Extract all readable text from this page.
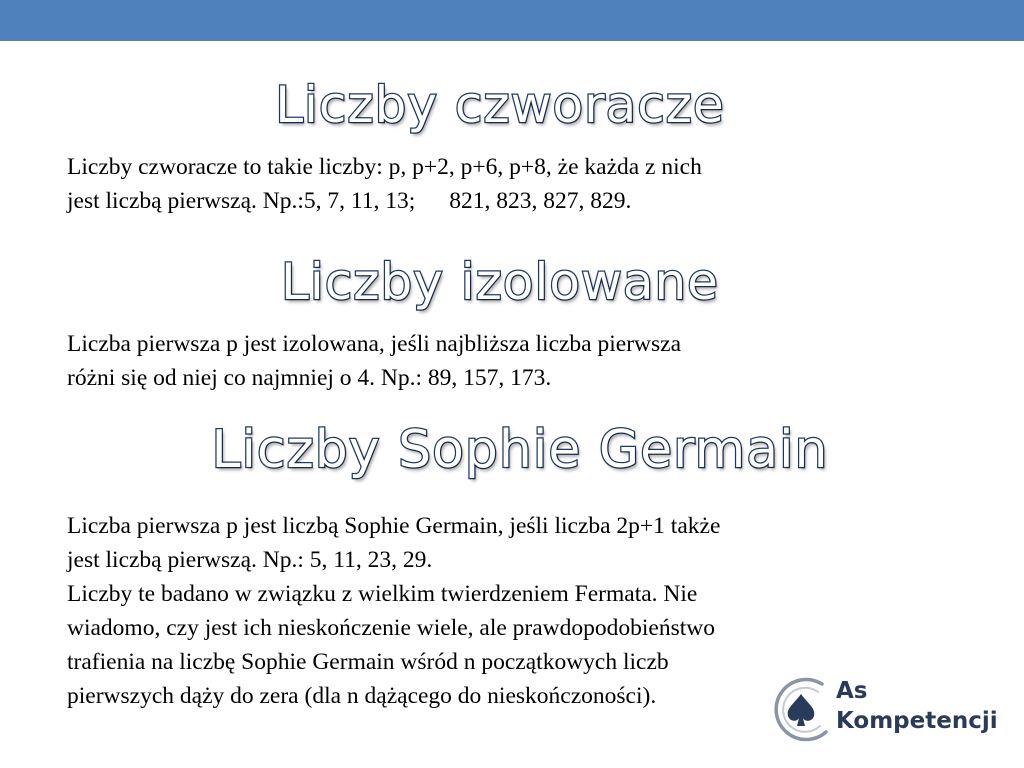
Liczby czworacze

Liczby czworacze to takie liczby: p, p+2, p+6, p+8, że każda z nich
jest liczbą pierwszą. Np.:5, 7, 11, 13; 821, 823, 827, 829.

Liczby izolowane

Liczba pierwsza p jest izolowana, jeśli najbliższa liczba pierwsza
różni się od niej co najmniej o 4. Np.: 89, 157, 173.

Liczby Sophie Germain

Liczba pierwsza p jest liczbą Sophie Germain, jeśli liczba 2p+1 także
jest liczbą pierwszą. Np.: 5, 11, 23, 29.
Liczby te badano w związku z wielkim twierdzeniem Fermata. Nie
wiadomo, czy jest ich nieskończenie wiele, ale prawdopodobieństwo
trafienia na liczbę Sophie Germain wśród n początkowych liczb
pierwszych dąży do zera (dla n dążącego do nieskończoności).	As
Kompetencji
